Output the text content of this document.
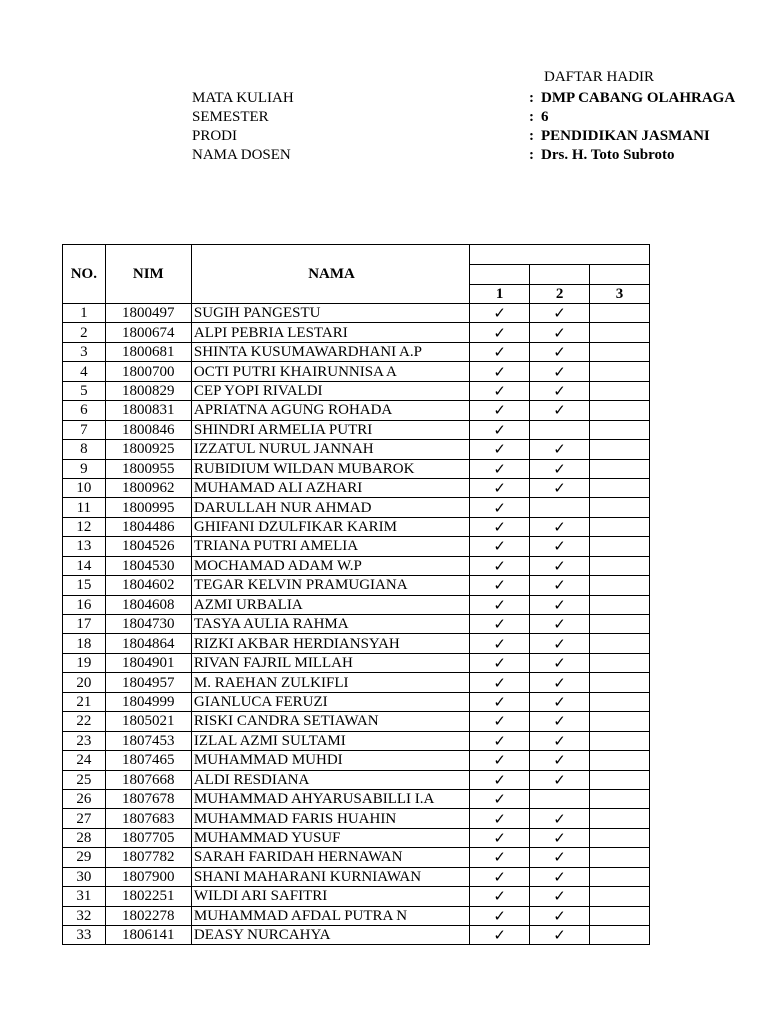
DAFTAR HADIR
MATA KULIAH	: DMP CABANG OLAHRAGA
SEMESTER	: 6
PRODI	: PENDIDIKAN JASMANI
NAMA DOSEN	: Drs. H. Toto Subroto
NO.	NIM	NAMA			

			1	2	3
1	1800497	SUGIH PANGESTU	✓	✓	
2	1800674	ALPI PEBRIA LESTARI	✓	✓	
3	1800681	SHINTA KUSUMAWARDHANI A.P	✓	✓	
4	1800700	OCTI PUTRI KHAIRUNNISA A	✓	✓	
5	1800829	CEP YOPI RIVALDI	✓	✓	
6	1800831	APRIATNA AGUNG ROHADA	✓	✓	
7	1800846	SHINDRI ARMELIA PUTRI	✓		
8	1800925	IZZATUL NURUL JANNAH	✓	✓	
9	1800955	RUBIDIUM WILDAN MUBAROK	✓	✓	
10	1800962	MUHAMAD ALI AZHARI	✓	✓	
11	1800995	DARULLAH NUR AHMAD	✓		
12	1804486	GHIFANI DZULFIKAR KARIM	✓	✓	
13	1804526	TRIANA PUTRI AMELIA	✓	✓	
14	1804530	MOCHAMAD ADAM W.P	✓	✓	
15	1804602	TEGAR KELVIN PRAMUGIANA	✓	✓	
16	1804608	AZMI URBALIA	✓	✓	
17	1804730	TASYA AULIA RAHMA	✓	✓	
18	1804864	RIZKI AKBAR HERDIANSYAH	✓	✓	
19	1804901	RIVAN FAJRIL MILLAH	✓	✓	
20	1804957	M. RAEHAN ZULKIFLI	✓	✓	
21	1804999	GIANLUCA FERUZI	✓	✓	
22	1805021	RISKI CANDRA SETIAWAN	✓	✓	
23	1807453	IZLAL AZMI SULTAMI	✓	✓	
24	1807465	MUHAMMAD MUHDI	✓	✓	
25	1807668	ALDI RESDIANA	✓	✓	
26	1807678	MUHAMMAD AHYARUSABILLI I.A	✓		
27	1807683	MUHAMMAD FARIS HUAHIN	✓	✓	
28	1807705	MUHAMMAD YUSUF	✓	✓	
29	1807782	SARAH FARIDAH HERNAWAN	✓	✓	
30	1807900	SHANI MAHARANI KURNIAWAN	✓	✓	
31	1802251	WILDI ARI SAFITRI	✓	✓	
32	1802278	MUHAMMAD AFDAL PUTRA N	✓	✓	
33	1806141	DEASY NURCAHYA	✓	✓	
